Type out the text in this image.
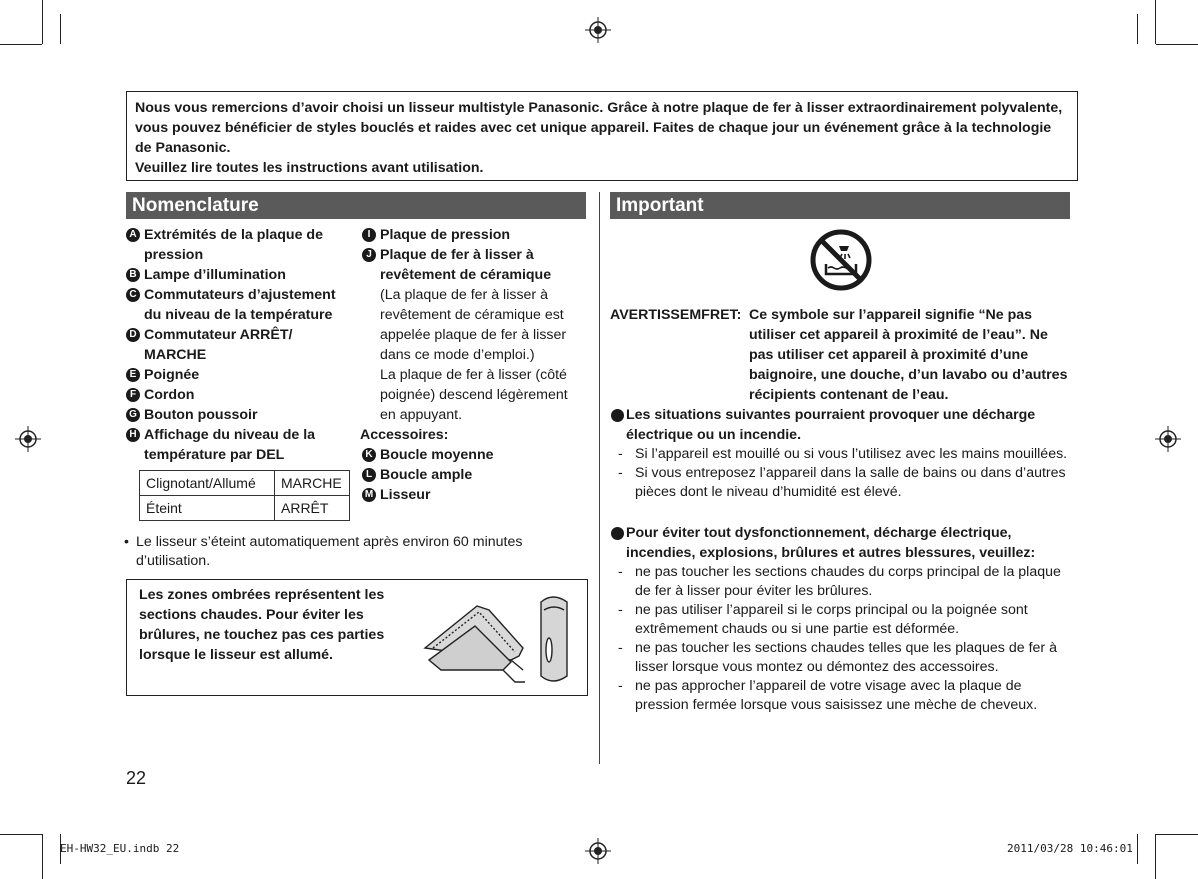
Nous vous remercions d’avoir choisi un lisseur multistyle Panasonic. Grâce à notre plaque de fer à lisser extraordinairement polyvalente, vous pouvez bénéficier de styles bouclés et raides avec cet unique appareil. Faites de chaque jour un événement grâce à la technologie de Panasonic.

Veuillez lire toutes les instructions avant utilisation.

Nomenclature	Important
A Extrémités de la plaque de pression
B Lampe d’illumination
C Commutateurs d’ajustement du niveau de la température
D Commutateur ARRÊT/ MARCHE
E Poignée
F Cordon
G Bouton poussoir
H Affichage du niveau de la température par DEL
I Plaque de pression
J Plaque de fer à lisser à revêtement de céramique
(La plaque de fer à lisser à revêtement de céramique est appelée plaque de fer à lisser dans ce mode d’emploi.)
La plaque de fer à lisser (côté poignée) descend légèrement en appuyant.
Accessoires:
K Boucle moyenne
L Boucle ample
M Lisseur
Clignotant/Allumé	MARCHE
Éteint	ARRÊT
• Le lisseur s’éteint automatiquement après environ 60 minutes d’utilisation.
Les zones ombrées représentent les sections chaudes. Pour éviter les brûlures, ne touchez pas ces parties lorsque le lisseur est allumé.
AVERTISSEMFRET: Ce symbole sur l’appareil signifie “Ne pas utiliser cet appareil à proximité de l’eau”. Ne pas utiliser cet appareil à proximité d’une baignoire, une douche, d’un lavabo ou d’autres récipients contenant de l’eau.
Les situations suivantes pourraient provoquer une décharge électrique ou un incendie.
- Si l’appareil est mouillé ou si vous l’utilisez avec les mains mouillées.
- Si vous entreposez l’appareil dans la salle de bains ou dans d’autres pièces dont le niveau d’humidité est élevé.
Pour éviter tout dysfonctionnement, décharge électrique, incendies, explosions, brûlures et autres blessures, veuillez:
- ne pas toucher les sections chaudes du corps principal de la plaque de fer à lisser pour éviter les brûlures.
- ne pas utiliser l’appareil si le corps principal ou la poignée sont extrêmement chauds ou si une partie est déformée.
- ne pas toucher les sections chaudes telles que les plaques de fer à lisser lorsque vous montez ou démontez des accessoires.
- ne pas approcher l’appareil de votre visage avec la plaque de pression fermée lorsque vous saisissez une mèche de cheveux.
22
EH-HW32_EU.indb 22	2011/03/28 10:46:01
